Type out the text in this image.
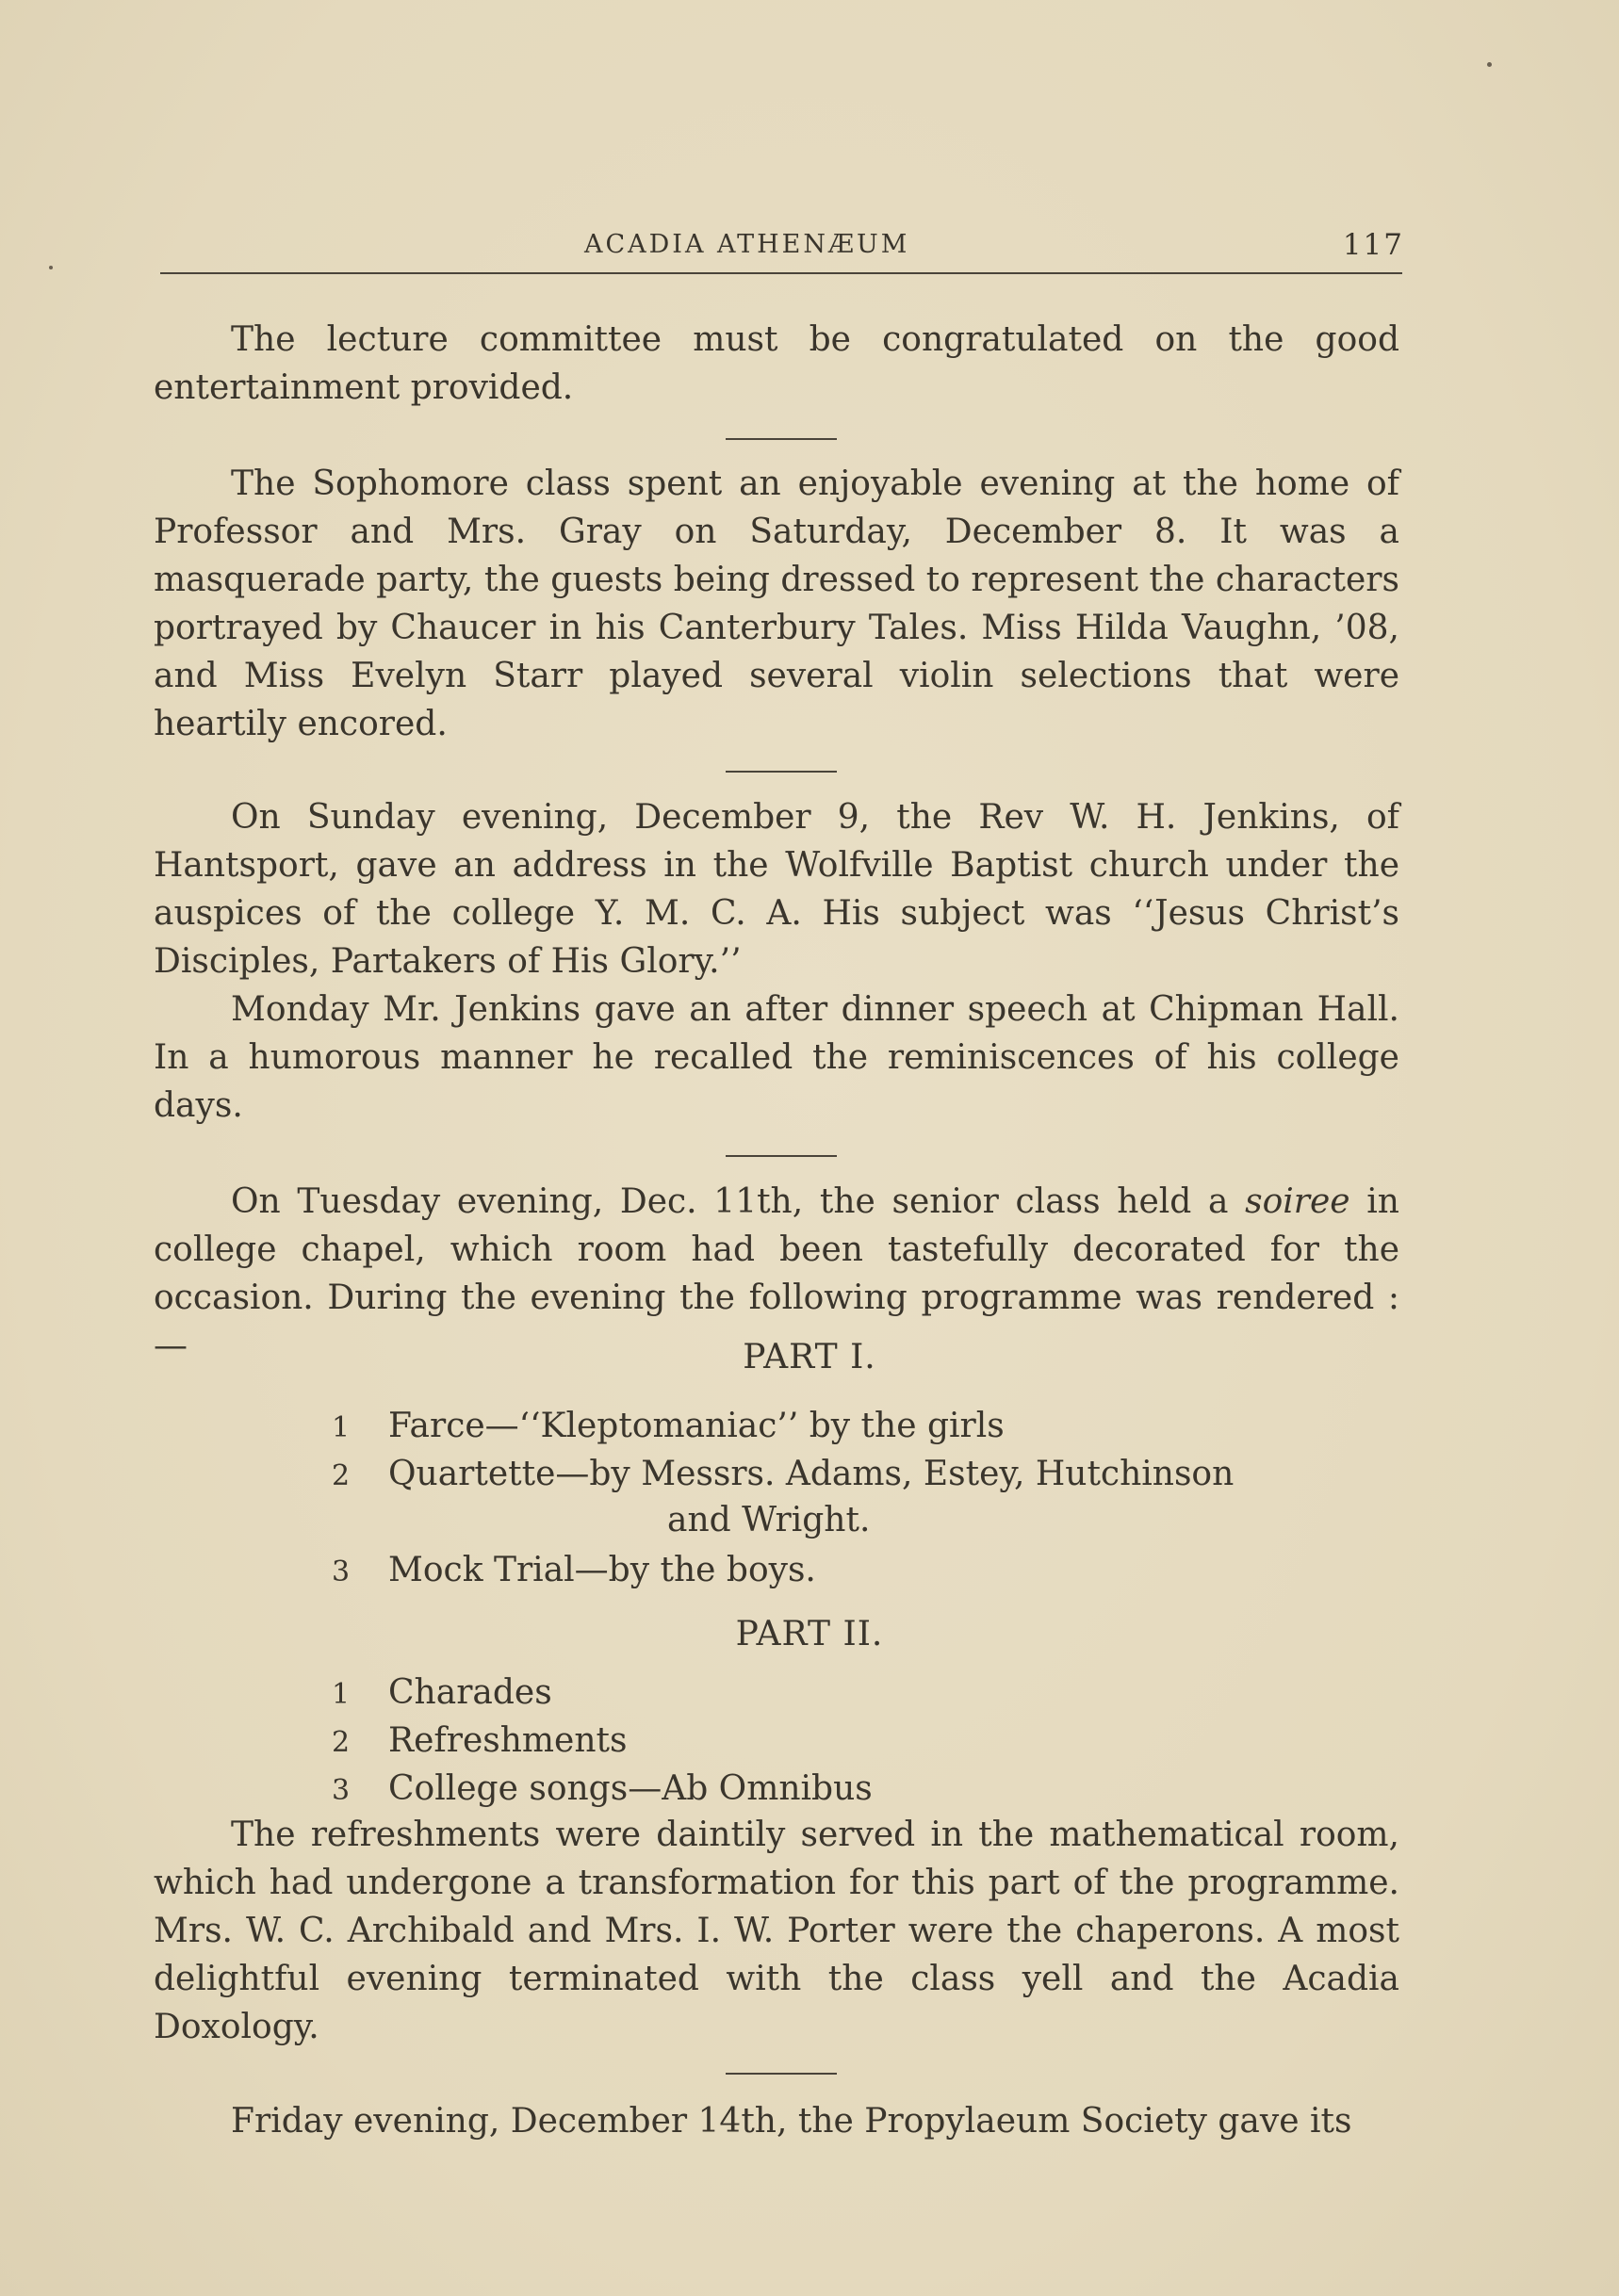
ACADIA ATHENÆUM	117

The lecture committee must be congratulated on the good entertainment provided.

The Sophomore class spent an enjoyable evening at the home of Professor and Mrs. Gray on Saturday, December 8. It was a masquerade party, the guests being dressed to represent the characters portrayed by Chaucer in his Canterbury Tales. Miss Hilda Vaughn, ’08, and Miss Evelyn Starr played several violin selections that were heartily encored.

On Sunday evening, December 9, the Rev W. H. Jenkins, of Hantsport, gave an address in the Wolfville Baptist church under the auspices of the college Y. M. C. A. His subject was ‘‘Jesus Christ’s Disciples, Partakers of His Glory.’’

Monday Mr. Jenkins gave an after dinner speech at Chipman Hall. In a humorous manner he recalled the reminiscences of his college days.

On Tuesday evening, Dec. 11th, the senior class held a soiree in college chapel, which room had been tastefully decorated for the occasion. During the evening the following programme was rendered :—	PART I.
1 Farce—‘‘Kleptomaniac’’ by the girls
2 Quartette—by Messrs. Adams, Estey, Hutchinson
and Wright.
3 Mock Trial—by the boys.
PART II.
1 Charades
2 Refreshments
3 College songs—Ab Omnibus

The refreshments were daintily served in the mathematical room, which had undergone a transformation for this part of the programme. Mrs. W. C. Archibald and Mrs. I. W. Porter were the chaperons. A most delightful evening terminated with the class yell and the Acadia Doxology.

Friday evening, December 14th, the Propylaeum Society gave its
